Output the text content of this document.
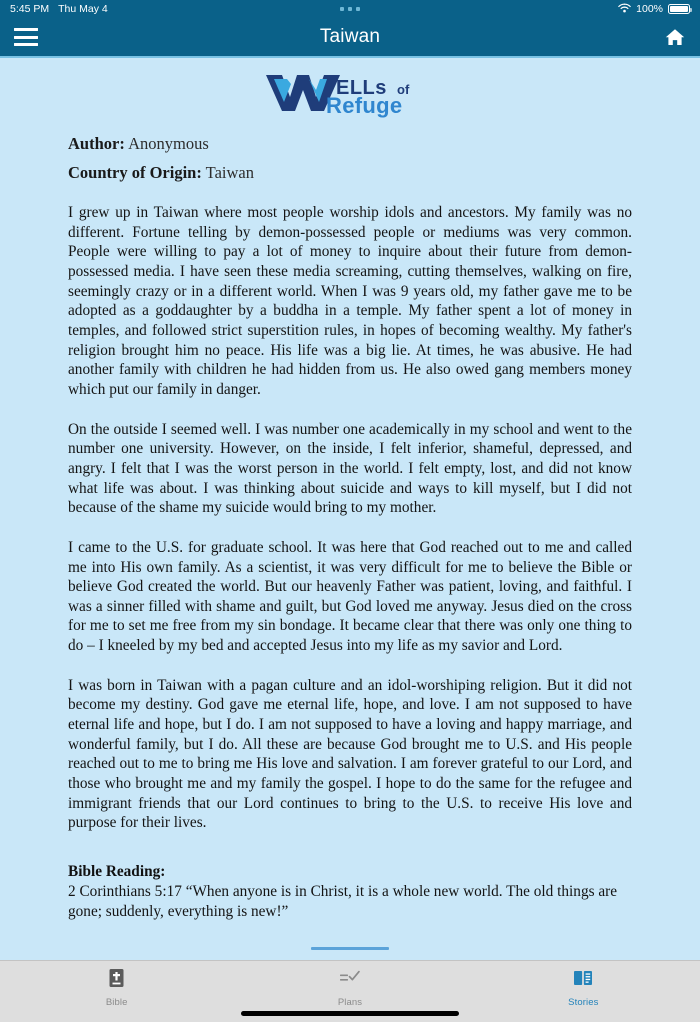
5:45 PM Thu May 4	100%
Taiwan
ELLs of
Refuge
Author: Anonymous
Country of Origin: Taiwan

I grew up in Taiwan where most people worship idols and ancestors. My family was no different. Fortune telling by demon-possessed people or mediums was very common. People were willing to pay a lot of money to inquire about their future from demon-possessed media. I have seen these media screaming, cutting themselves, walking on fire, seemingly crazy or in a different world. When I was 9 years old, my father gave me to be adopted as a goddaughter by a buddha in a temple. My father spent a lot of money in temples, and followed strict superstition rules, in hopes of becoming wealthy. My father's religion brought him no peace. His life was a big lie. At times, he was abusive. He had another family with children he had hidden from us. He also owed gang members money which put our family in danger.

On the outside I seemed well. I was number one academically in my school and went to the number one university. However, on the inside, I felt inferior, shameful, depressed, and angry. I felt that I was the worst person in the world. I felt empty, lost, and did not know what life was about. I was thinking about suicide and ways to kill myself, but I did not because of the shame my suicide would bring to my mother.

I came to the U.S. for graduate school. It was here that God reached out to me and called me into His own family. As a scientist, it was very difficult for me to believe the Bible or believe God created the world. But our heavenly Father was patient, loving, and faithful. I was a sinner filled with shame and guilt, but God loved me anyway. Jesus died on the cross for me to set me free from my sin bondage. It became clear that there was only one thing to do – I kneeled by my bed and accepted Jesus into my life as my savior and Lord.

I was born in Taiwan with a pagan culture and an idol-worshiping religion. But it did not become my destiny. God gave me eternal life, hope, and love. I am not supposed to have eternal life and hope, but I do. I am not supposed to have a loving and happy marriage, and wonderful family, but I do. All these are because God brought me to U.S. and His people reached out to me to bring me His love and salvation. I am forever grateful to our Lord, and those who brought me and my family the gospel. I hope to do the same for the refugee and immigrant friends that our Lord continues to bring to the U.S. to receive His love and purpose for their lives.

Bible Reading:
2 Corinthians 5:17 “When anyone is in Christ, it is a whole new world. The old things are gone; suddenly, everything is new!”
Bible	Plans	Stories
